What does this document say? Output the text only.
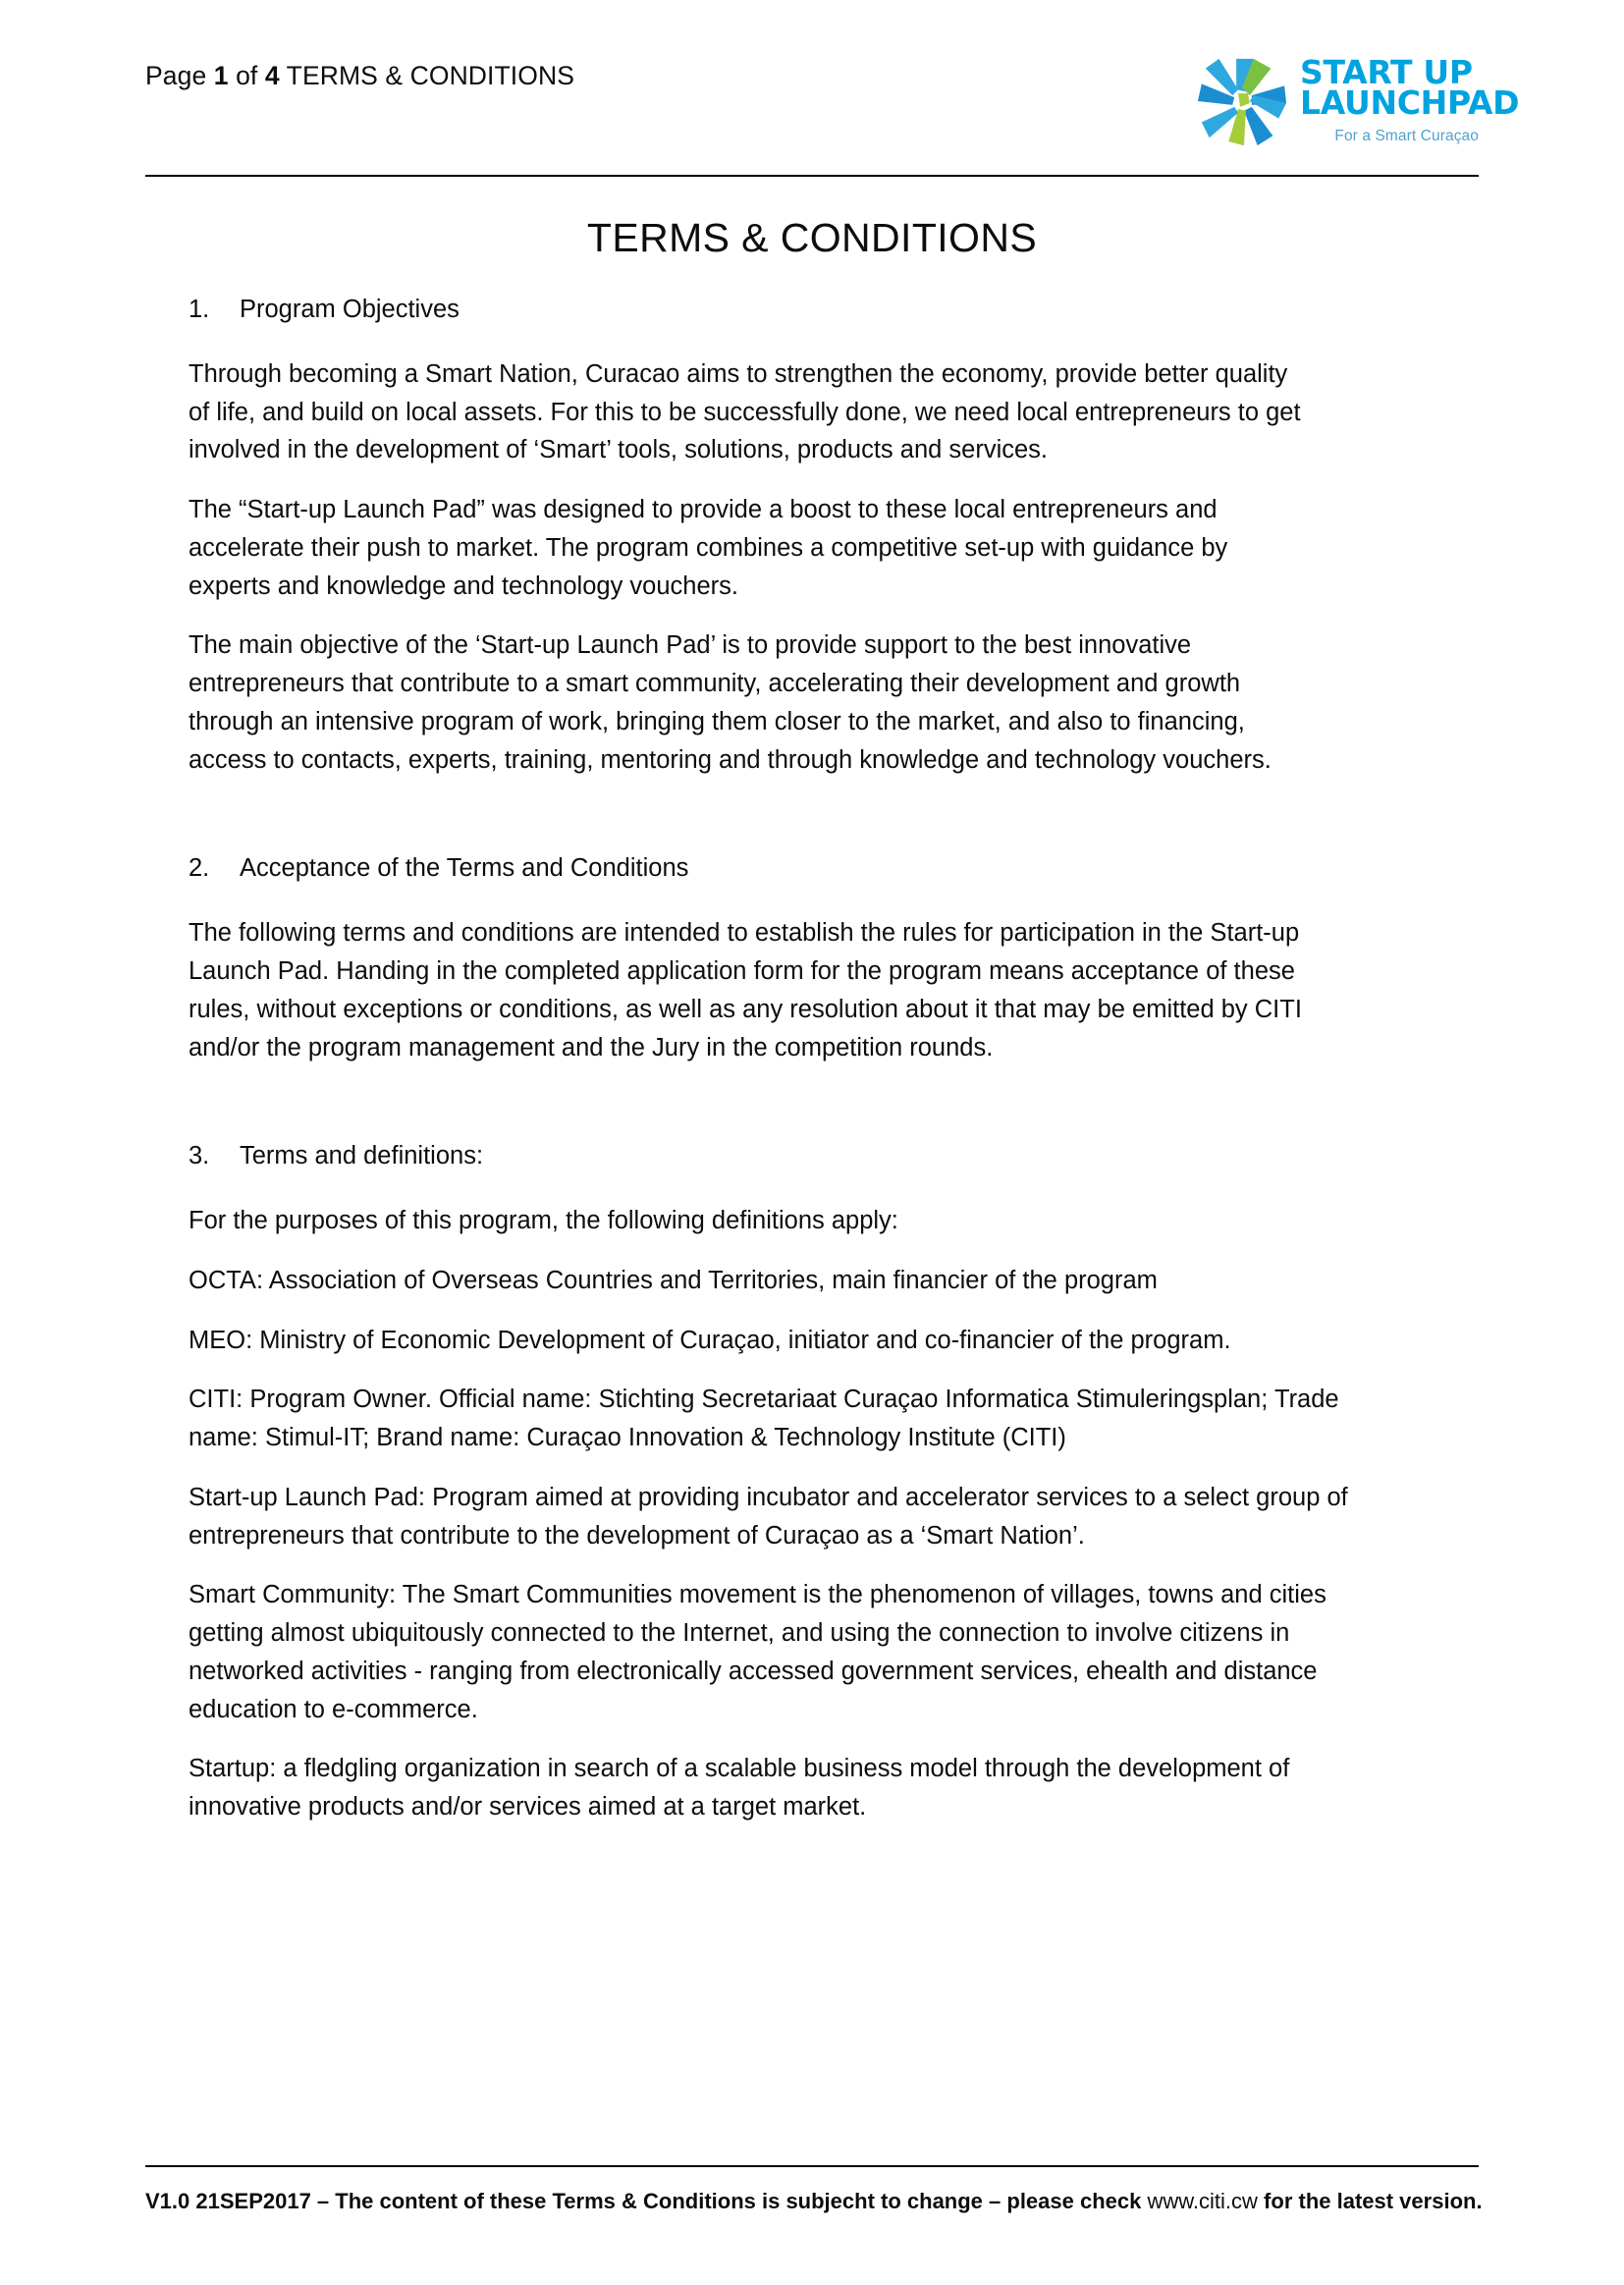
Page 1 of 4 TERMS & CONDITIONS	START UP
LAUNCHPAD
For a Smart Curaçao
TERMS & CONDITIONS
1.	Program Objectives

Through becoming a Smart Nation, Curacao aims to strengthen the economy, provide better quality of life, and build on local assets. For this to be successfully done, we need local entrepreneurs to get involved in the development of ‘Smart’ tools, solutions, products and services.

The “Start-up Launch Pad” was designed to provide a boost to these local entrepreneurs and accelerate their push to market. The program combines a competitive set-up with guidance by experts and knowledge and technology vouchers.

The main objective of the ‘Start-up Launch Pad’ is to provide support to the best innovative entrepreneurs that contribute to a smart community, accelerating their development and growth through an intensive program of work, bringing them closer to the market, and also to financing, access to contacts, experts, training, mentoring and through knowledge and technology vouchers.

2.	Acceptance of the Terms and Conditions

The following terms and conditions are intended to establish the rules for participation in the Start-up Launch Pad. Handing in the completed application form for the program means acceptance of these rules, without exceptions or conditions, as well as any resolution about it that may be emitted by CITI and/or the program management and the Jury in the competition rounds.

3.	Terms and definitions:

For the purposes of this program, the following definitions apply:

OCTA: Association of Overseas Countries and Territories, main financier of the program

MEO: Ministry of Economic Development of Curaçao, initiator and co-financier of the program.

CITI: Program Owner. Official name: Stichting Secretariaat Curaçao Informatica Stimuleringsplan; Trade name: Stimul-IT; Brand name: Curaçao Innovation & Technology Institute (CITI)

Start-up Launch Pad: Program aimed at providing incubator and accelerator services to a select group of entrepreneurs that contribute to the development of Curaçao as a ‘Smart Nation’.

Smart Community: The Smart Communities movement is the phenomenon of villages, towns and cities getting almost ubiquitously connected to the Internet, and using the connection to involve citizens in networked activities - ranging from electronically accessed government services, ehealth and distance education to e-commerce.

Startup: a fledgling organization in search of a scalable business model through the development of innovative products and/or services aimed at a target market.

V1.0 21SEP2017 – The content of these Terms & Conditions is subjecht to change – please check www.citi.cw for the latest version.
